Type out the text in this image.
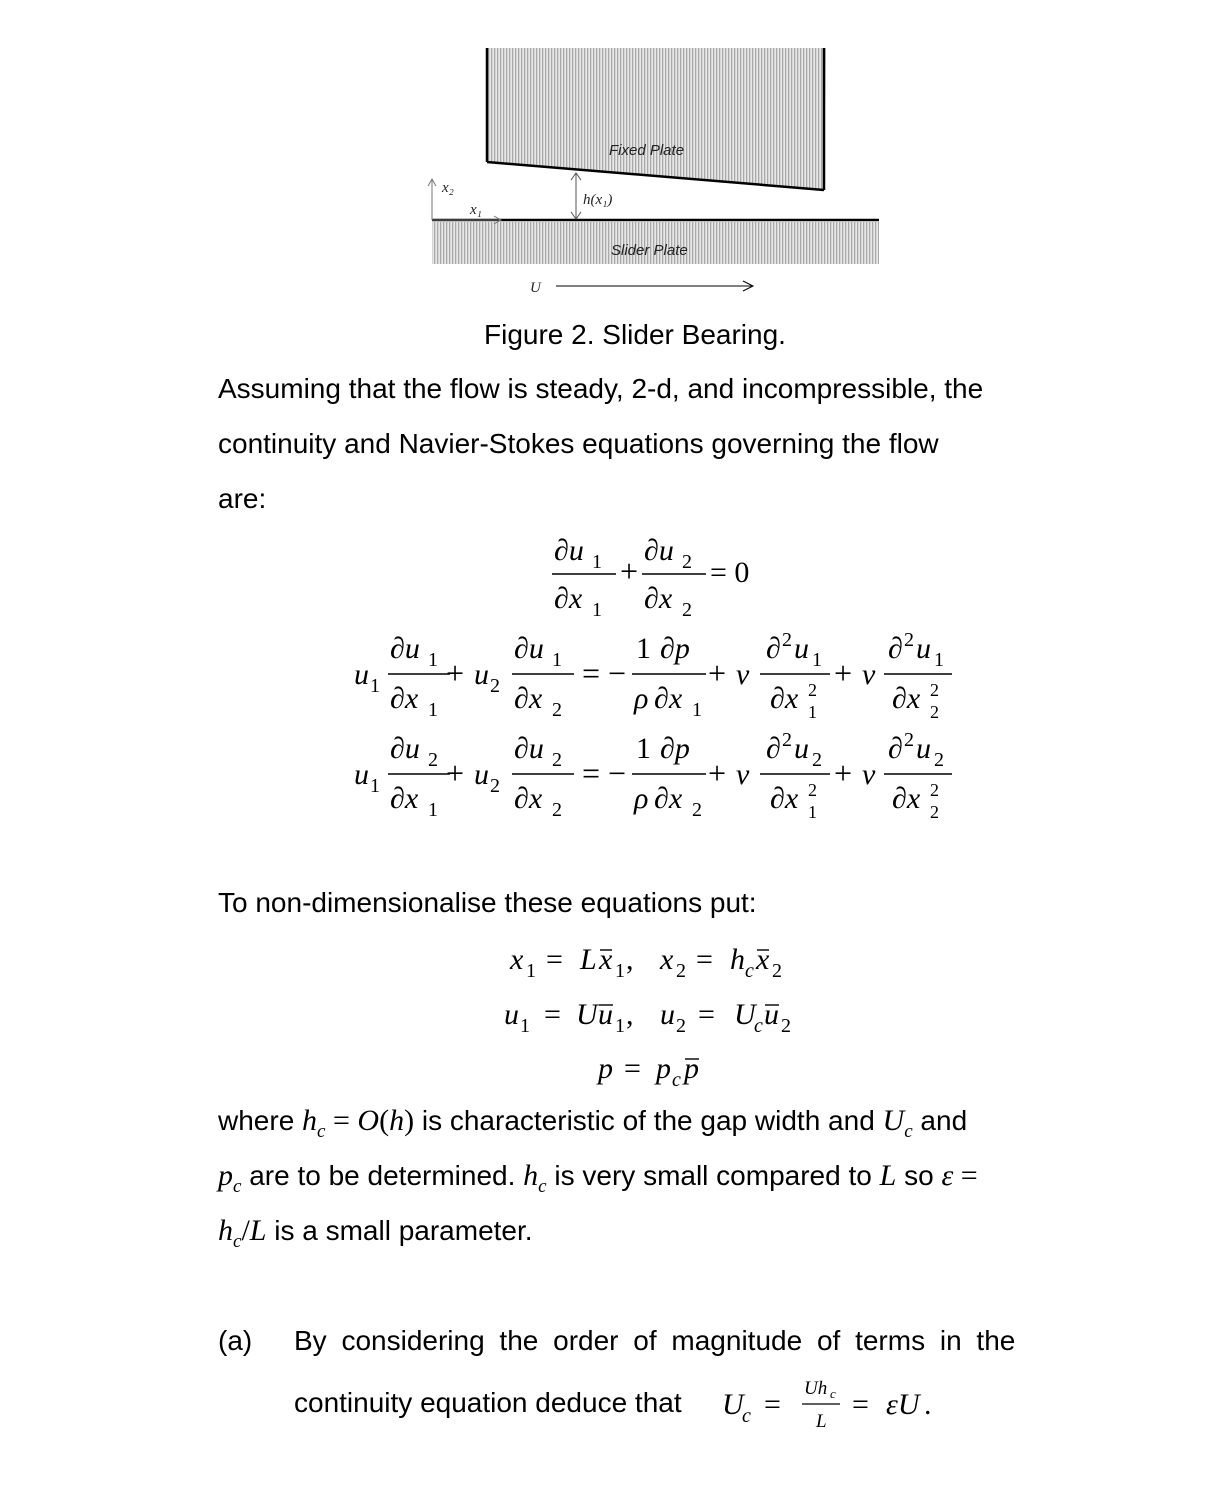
Fixed Plate
Slider Plate
h(x₁)
x₂
x₁
U
Figure 2. Slider Bearing.
Assuming that the flow is steady, 2-d, and incompressible, the
continuity and Navier-Stokes equations governing the flow
are:
∂u 1
∂x 1
+
∂u 2
∂x 2
= 0
u 1
∂u 1
∂x 1
+ u 2
∂u 1
∂x 2
= −
1
ρ
∂p
∂x 1
+ ν
∂ 2 u 1
∂x 2
1
+ ν
∂ 2 u 1
∂x 2
2
u 1
∂u 2
∂x 1
+ u 2
∂u 2
∂x 2
= −
1
ρ
∂p
∂x 2
+ ν
∂ 2 u 2
∂x 2
1
+ ν
∂ 2 u 2
∂x 2
2
To non-dimensionalise these equations put:
x 1 = L x 1 , x 2 = h c x 2
u 1 = U u 1 , u 2 = U
c u 2
p = p c p
where $h_c = O(h)$ is characteristic of the gap width and $U_c$ and
$p_c$ are to be determined. $h_c$ is very small compared to L so ε =
$h_c/L$ is a small parameter.
(a) By considering the order of magnitude of terms in the
continuity equation deduce that U
c = Uh c
L
= εU .
